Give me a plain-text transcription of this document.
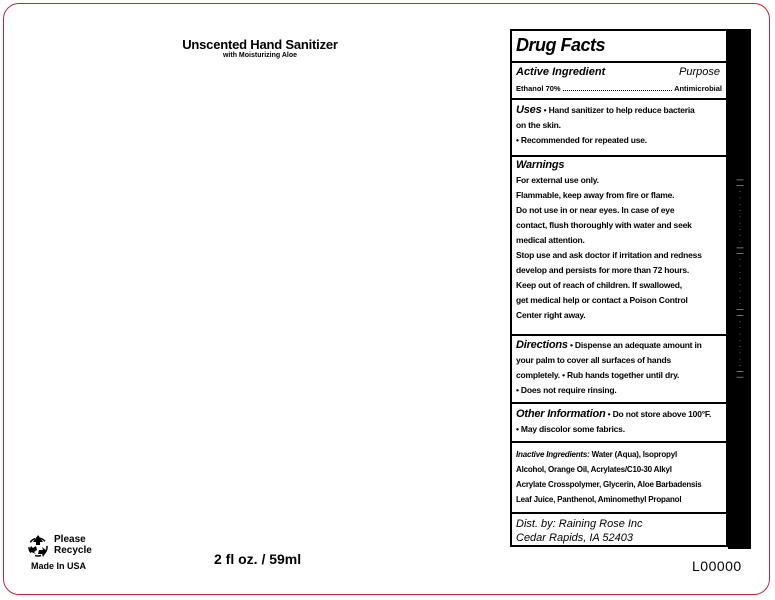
Unscented Hand Sanitizer
with Moisturizing Aloe
Please
Recycle
Made In USA	2 fl oz. / 59ml	L00000
| | · · · · · · · · · | | · · · · · · · · | | · · · · · · · · | |
Drug Facts
Active Ingredient	Purpose
Ethanol 70%	Antimicrobial
Uses • Hand sanitizer to help reduce bacteria
on the skin.
• Recommended for repeated use.
Warnings
For external use only.
Flammable, keep away from fire or flame.
Do not use in or near eyes. In case of eye
contact, flush thoroughly with water and seek
medical attention.
Stop use and ask doctor if irritation and redness
develop and persists for more than 72 hours.
Keep out of reach of children. If swallowed,
get medical help or contact a Poison Control
Center right away.
Directions • Dispense an adequate amount in
your palm to cover all surfaces of hands
completely. • Rub hands together until dry.
• Does not require rinsing.
Other Information • Do not store above 100°F.
• May discolor some fabrics.
Inactive Ingredients: Water (Aqua), Isopropyl
Alcohol, Orange Oil, Acrylates/C10-30 Alkyl
Acrylate Crosspolymer, Glycerin, Aloe Barbadensis
Leaf Juice, Panthenol, Aminomethyl Propanol
Dist. by: Raining Rose Inc
Cedar Rapids, IA 52403
